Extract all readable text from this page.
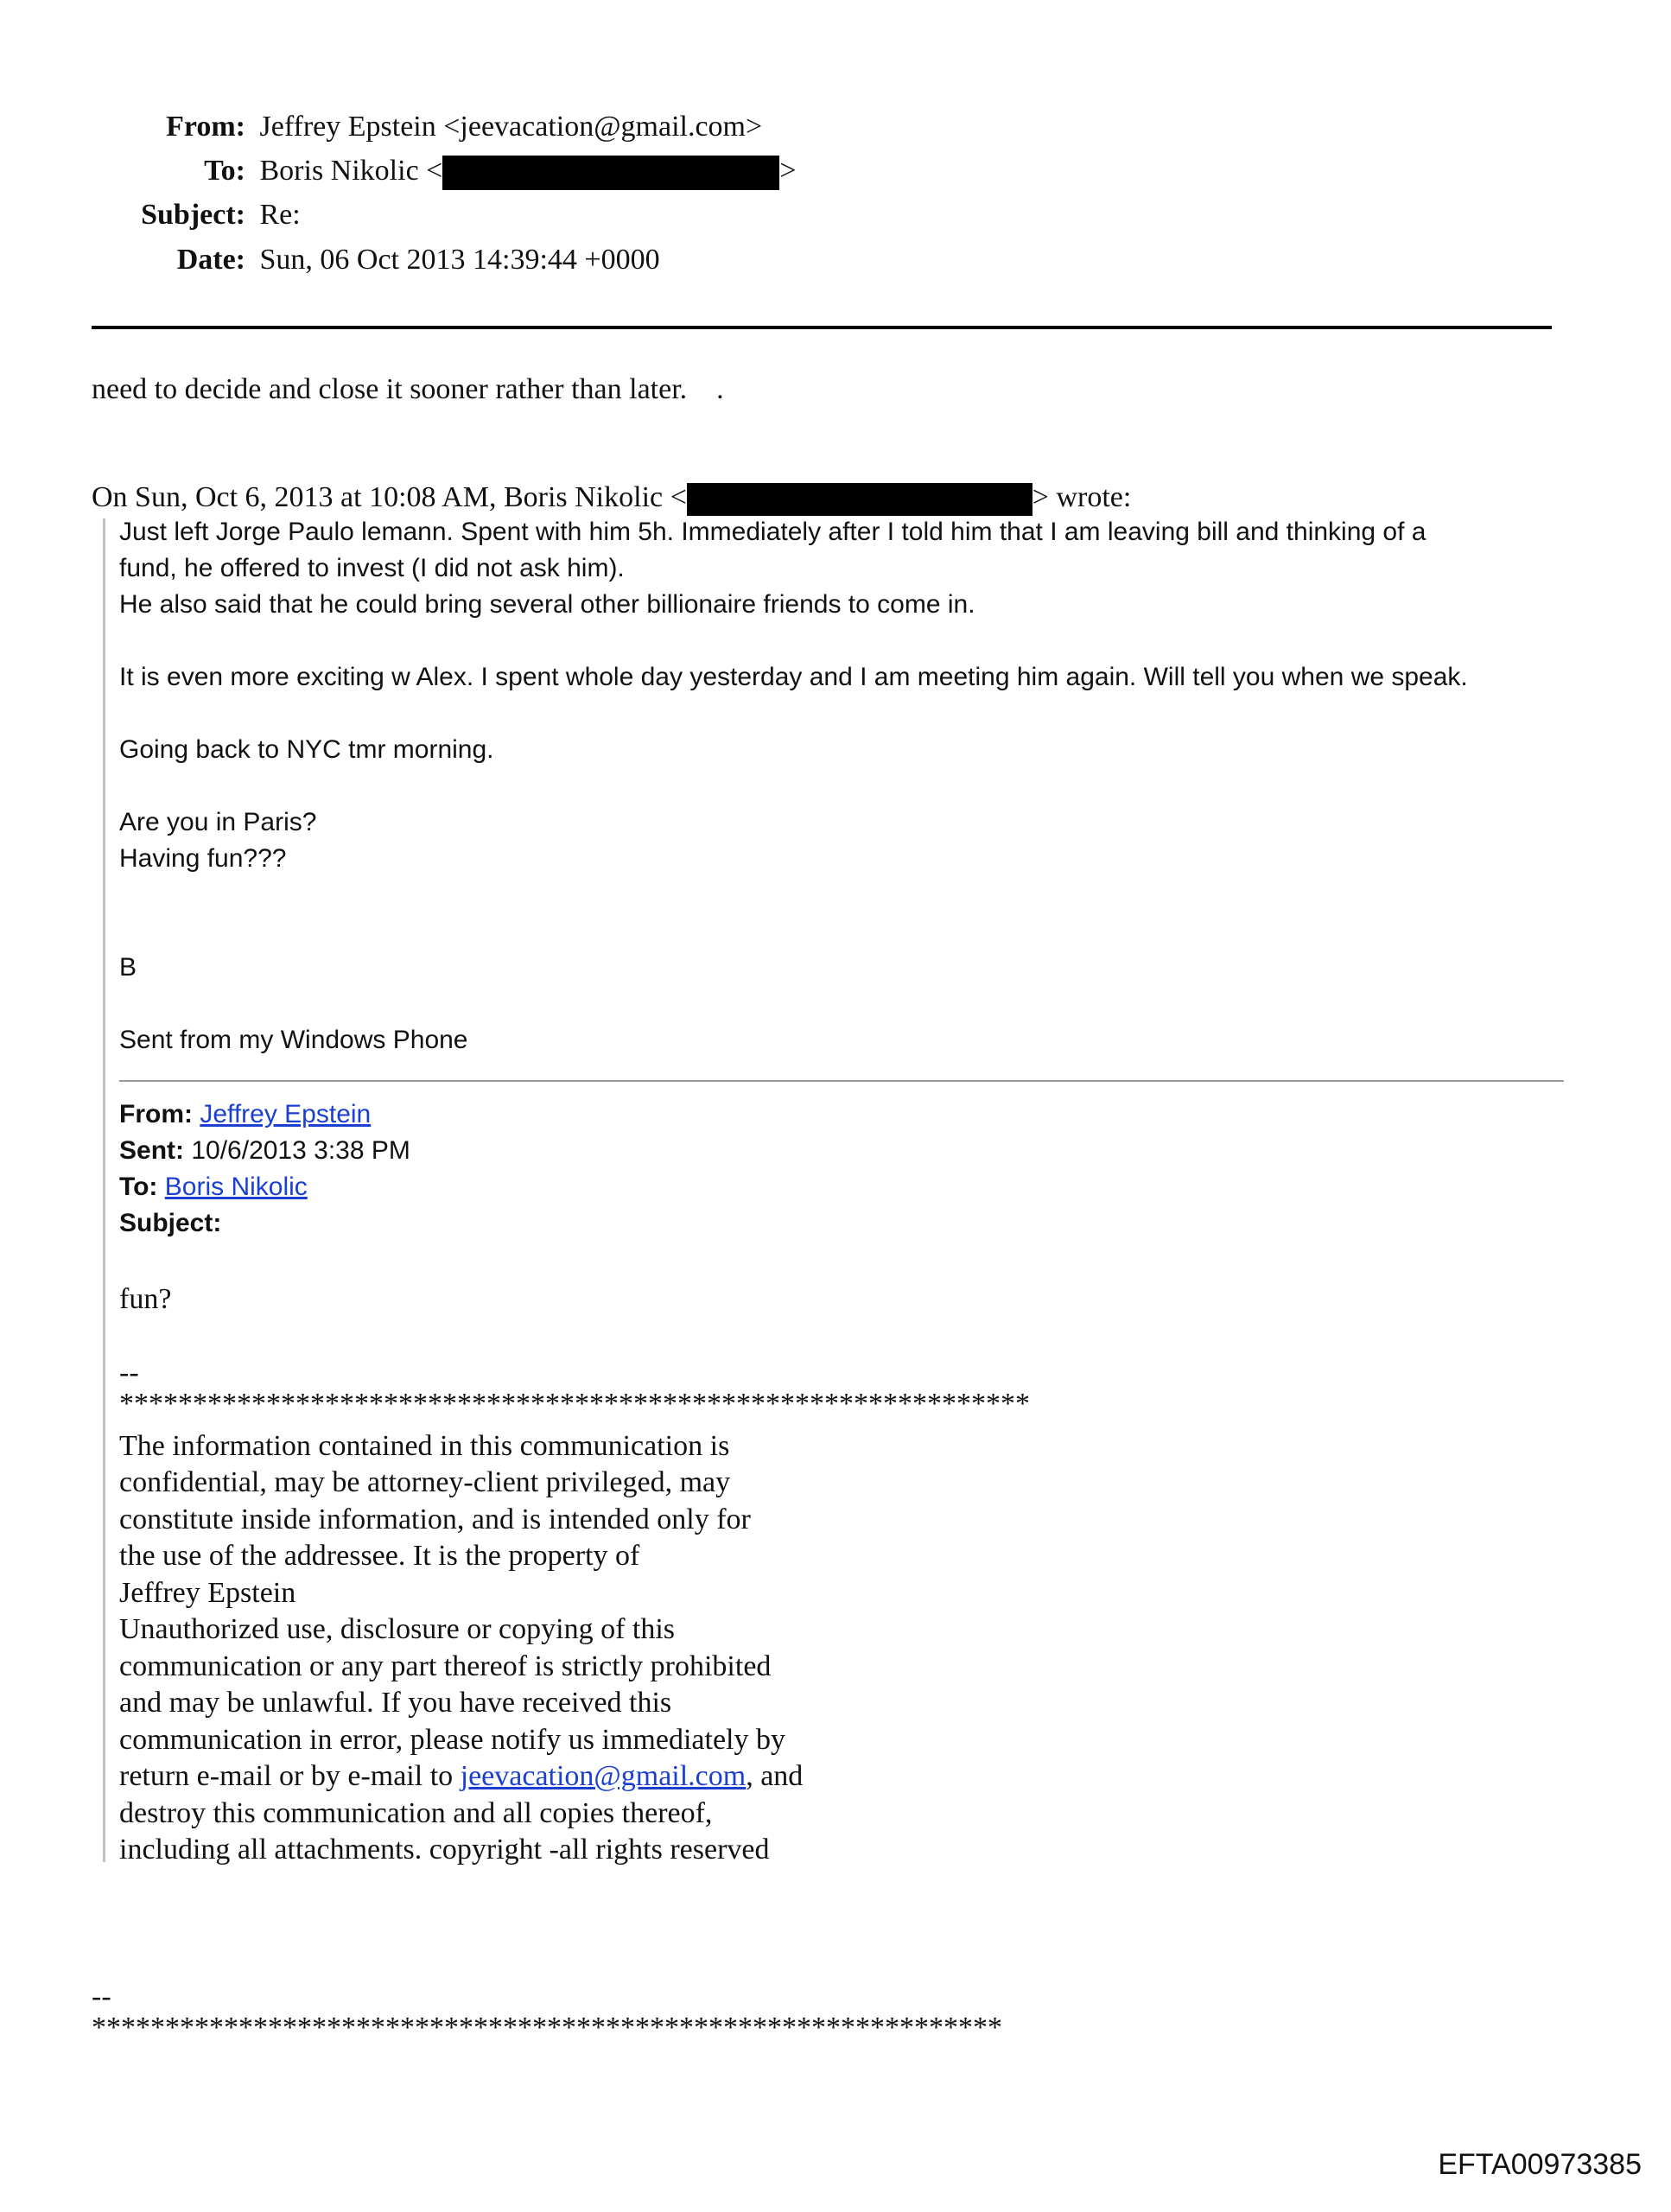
From: Jeffrey Epstein <jeevacation@gmail.com>
To: Boris Nikolic <	>
Subject: Re:
Date: Sun, 06 Oct 2013 14:39:44 +0000
need to decide and close it sooner rather than later.    .
On Sun, Oct 6, 2013 at 10:08 AM, Boris Nikolic <	> wrote:
Just left Jorge Paulo lemann. Spent with him 5h. Immediately after I told him that I am leaving bill and thinking of a
fund, he offered to invest (I did not ask him).
He also said that he could bring several other billionaire friends to come in.
It is even more exciting w Alex. I spent whole day yesterday and I am meeting him again. Will tell you when we speak.
Going back to NYC tmr morning.
Are you in Paris?
Having fun???
B
Sent from my Windows Phone
From: Jeffrey Epstein
Sent: 10/6/2013 3:38 PM
To: Boris Nikolic
Subject:
fun?
--
**************************************************************
The information contained in this communication is
confidential, may be attorney-client privileged, may
constitute inside information, and is intended only for
the use of the addressee. It is the property of
Jeffrey Epstein
Unauthorized use, disclosure or copying of this
communication or any part thereof is strictly prohibited
and may be unlawful. If you have received this
communication in error, please notify us immediately by
return e-mail or by e-mail to jeevacation@gmail.com, and
destroy this communication and all copies thereof,
including all attachments. copyright -all rights reserved
--
**************************************************************
EFTA00973385
